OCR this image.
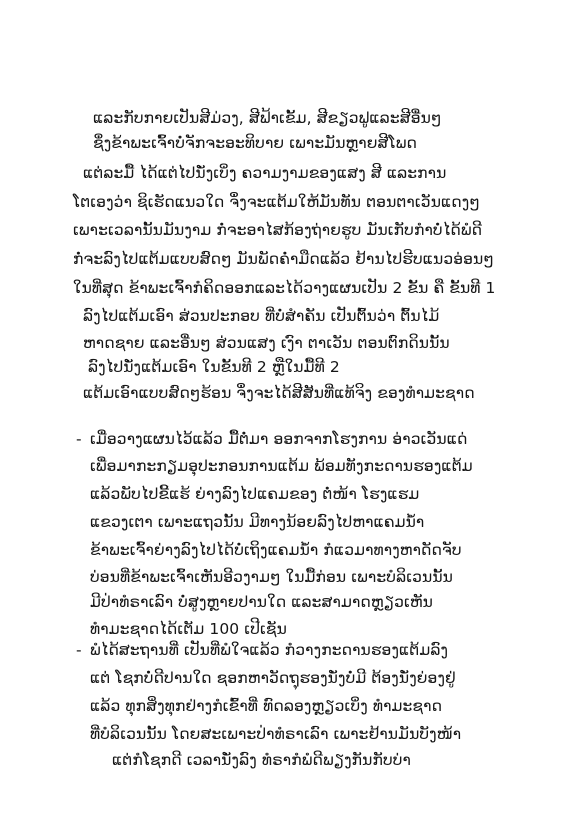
ແລະກັບກາຍເປັນສີມ່ວງ, ສີຟ້າເຂັ້ມ, ສີຂຽວຟູແລະສີອື່ນໆ
ຊຶ່ງຂ້າພະເຈົ້າບໍ່ຈັກຈະອະທິບາຍ ເພາະມັນຫຼາຍສີໂພດ
ແຕ່ລະມື້ ໄດ້ແຕ່ໄປນັ່ງເບິ່ງ ຄວາມງາມຂອງແສງ ສີ ແລະການ
ໂຕເອງວ່າ ຊິເຮັດແນວໃດ ຈຶ່ງຈະແຕ້ມໃຫ້ມັນທັນ ຕອນຕາເວັນແດງໆ
ເພາະເວລານັ້ນມັນງາມ ກໍ່ຈະອາໄສກ້ອງຖ່າຍຮູບ ມັນເກັບກໍາບໍ່ໄດ້ພໍດີ
ກໍ່ຈະລົງໄປແຕ້ມແບບສົດໆ ມັນພັດຄໍ່າມືດແລ້ວ ຢ້ານໄປຮີບແນວອ່ອນໆ
ໃນທີ່ສຸດ ຂ້າພະເຈົ້າກໍຄິດອອກແລະໄດ້ວາງແຜນເປັນ 2 ຂັ້ນ ຄື ຂັ້ນທີ 1
ລົງໄປແຕ້ມເອົາ ສ່ວນປະກອບ ທີ່ບໍ່ສໍາຄັນ ເປັນຕົ້ນວ່າ ຕົ້ນໄມ້
ຫາດຊາຍ ແລະອື່ນໆ ສ່ວນແສງ ເງົາ ຕາເວັນ ຕອນຕົກດິນນັ້ນ
ລົງໄປນັ່ງແຕ້ມເອົາ ໃນຂັ້ນທີ 2 ຫຼືໃນມື້ທີ 2
ແຕ້ມເອົາແບບສົດໆຮ້ອນ ຈຶ່ງຈະໄດ້ສີສັນທີ່ແທ້ຈິງ ຂອງທໍາມະຊາດ
- ເມື່ອວາງແຜນໄວ້ແລ້ວ ມື້ຕໍ່ມາ ອອກຈາກໂຮງການ ອ່າວເວັນແດ່
ເພື່ອມາກະກຽມອຸປະກອນການແຕ້ມ ພ້ອມທັງກະດານຮອງແຕ້ມ
ແລ້ວພັບໄປຂີ້ແຮ້ ຍ່າງລົງໄປແຄມຂອງ ຕໍ່ໜ້າ ໂຮງແຮມ
ແຂວງເຕາ ເພາະແຖວນັ້ນ ມີທາງນ້ອຍລົງໄປຫາແຄມນໍ້າ
ຂ້າພະເຈົ້າຍ່າງລົງໄປໄດ້ບໍ່ເຖິງແຄມນໍ້າ ກໍແວມາທາງຫາດັດຈັບ
ບ່ອນທີ່ຂ້າພະເຈົ້າເຫັນອີວງາມໆ ໃນມື້ກ່ອນ ເພາະບໍລິເວນນັ້ນ
ມີປ່າທໍຣາເລົາ ບໍ່ສູງຫຼາຍປານໃດ ແລະສາມາດຫຼຽວເຫັນ
ທໍາມະຊາດໄດ້ເຕັມ 100 ເປີເຊັນ
- ພໍໄດ້ສະຖານທີ່ ເປັນທີ່ພໍໃຈແລ້ວ ກໍວາງກະດານຮອງແຕ້ມລົງ
ແຕ່ ໂຊກບໍ່ດີປານໃດ ຊອກຫາວັດຖຸຮອງນັ່ງບໍ່ມີ ຕ້ອງນັ່ງຍ່ອງຢູ່
ແລ້ວ ທຸກສິ່ງທຸກຢ່າງກໍເຂົ້າທີ່ ທົດລອງຫຼຽວເບິ່ງ ທໍາມະຊາດ
ທີ່ບໍລິເວນນັ້ນ ໂດຍສະເພາະປ່າທໍຣາເລົາ ເພາະຢ້ານມັນບັງໜ້າ
ແຕ່ກໍໂຊກດີ ເວລານັ່ງລົງ ທໍຣາກໍພໍດີພຽງກັນກັບບ່າ
